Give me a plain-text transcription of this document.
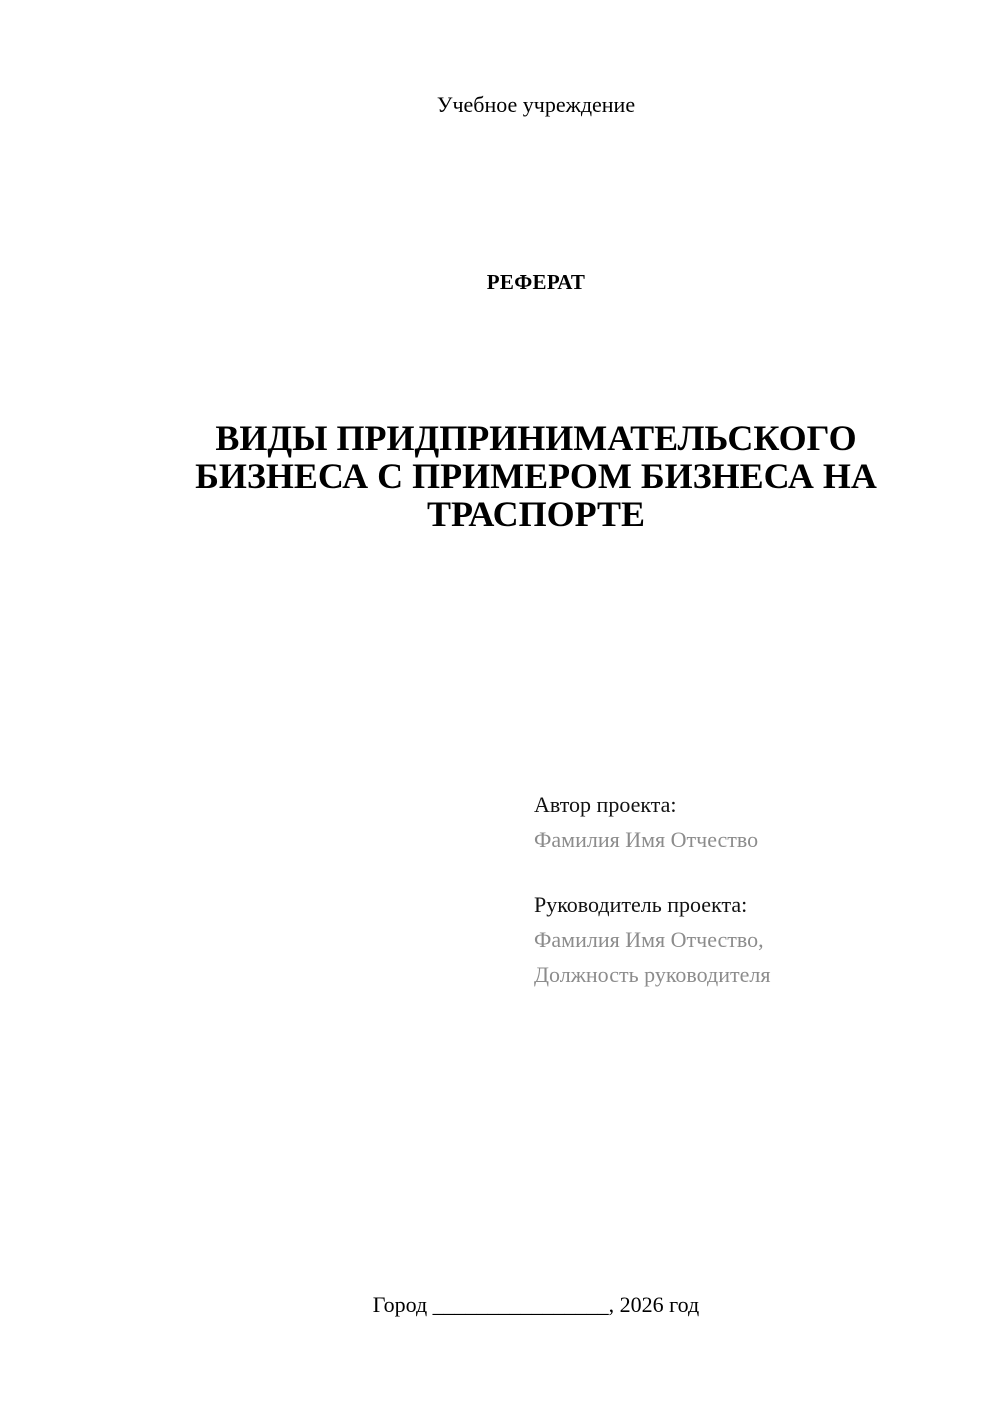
Учебное учреждение
РЕФЕРАТ
ВИДЫ ПРИДПРИНИМАТЕЛЬСКОГО
БИЗНЕСА С ПРИМЕРОМ БИЗНЕСА НА
ТРАСПОРТЕ
Автор проекта:
Фамилия Имя Отчество
Руководитель проекта:
Фамилия Имя Отчество,
Должность руководителя
Город ________________, 2026 год
